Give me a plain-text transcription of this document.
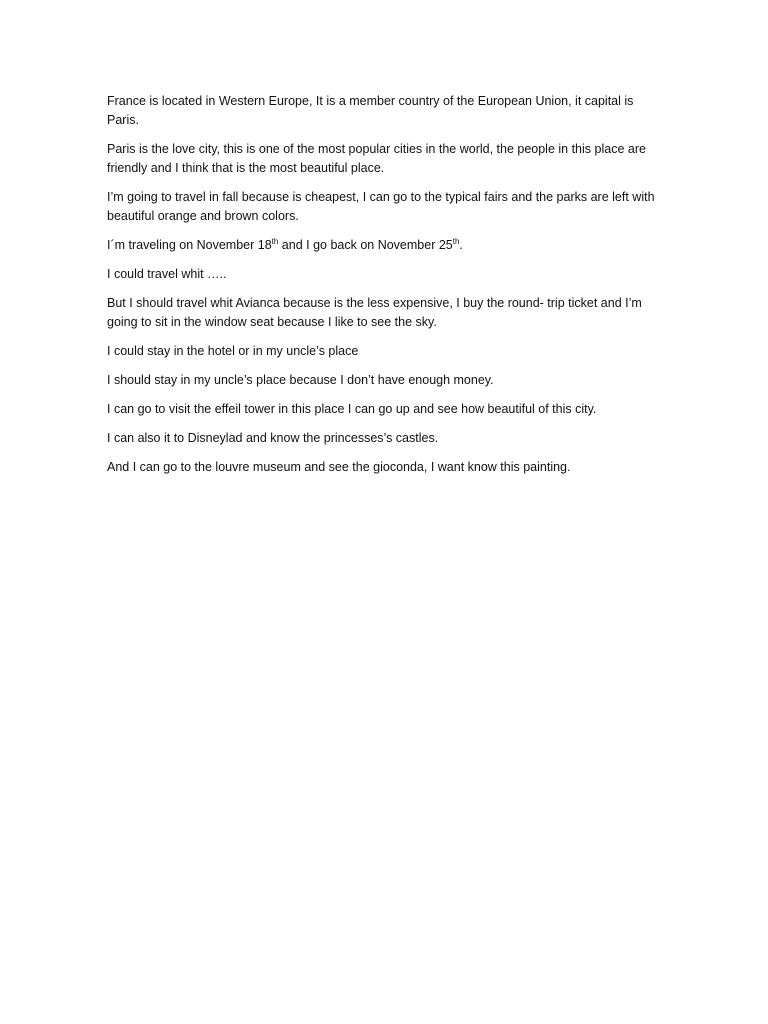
France is located in Western Europe, It is a member country of the European Union, it capital is Paris.

Paris is the love city, this is one of the most popular cities in the world, the people in this place are friendly and I think that is the most beautiful place.

I’m going to travel in fall because is cheapest, I can go to the typical fairs and the parks are left with beautiful orange and brown colors.

I´m traveling on November 18th and I go back on November 25th.

I could travel whit …..

But I should travel whit Avianca because is the less expensive, I buy the round- trip ticket and I’m going to sit in the window seat because I like to see the sky.

I could stay in the hotel or in my uncle’s place

I should stay in my uncle’s place because I don’t have enough money.

I can go to visit the effeil tower in this place I can go up and see how beautiful of this city.

I can also it to Disneylad and know the princesses’s castles.

And I can go to the louvre museum and see the gioconda, I want know this painting.
